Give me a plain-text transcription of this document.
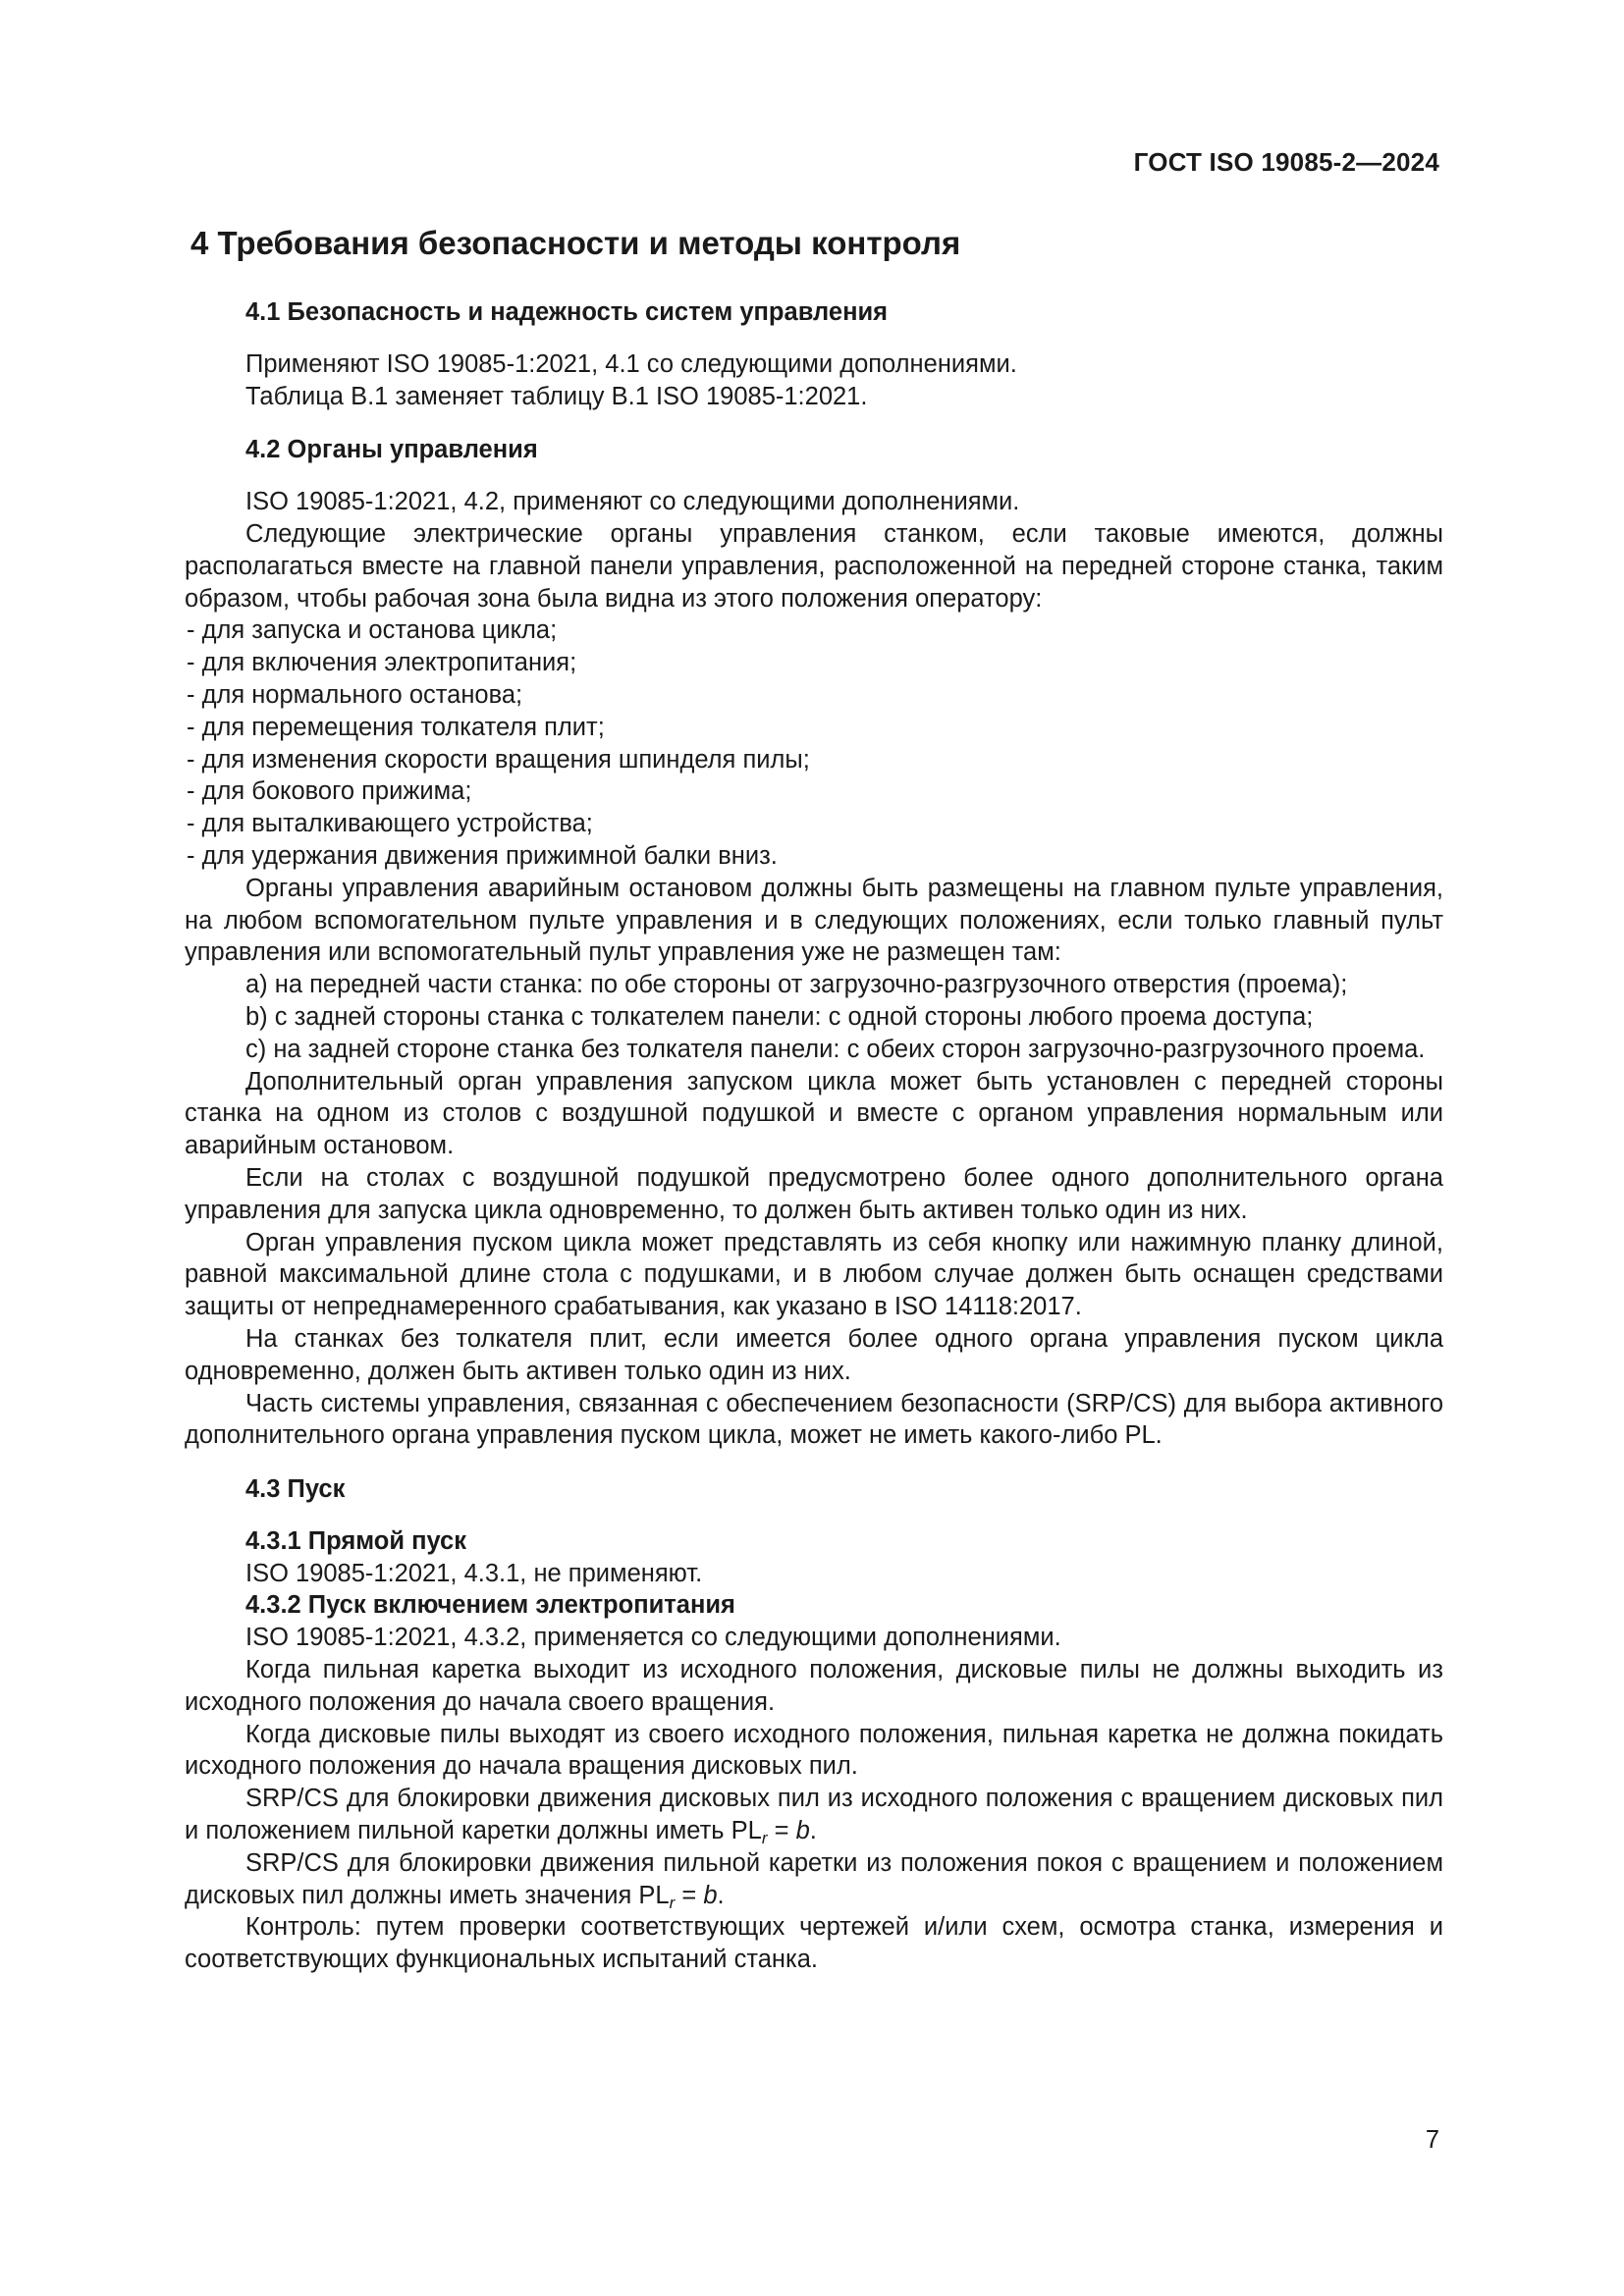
ГОСТ ISO 19085-2—2024

4 Требования безопасности и методы контроля

4.1 Безопасность и надежность систем управления

Применяют ISO 19085-1:2021, 4.1 со следующими дополнениями.

Таблица В.1 заменяет таблицу В.1 ISO 19085-1:2021.

4.2 Органы управления

ISO 19085-1:2021, 4.2, применяют со следующими дополнениями.

Следующие электрические органы управления станком, если таковые имеются, должны располагаться вместе на главной панели управления, расположенной на передней стороне станка, таким образом, чтобы рабочая зона была видна из этого положения оператору:

- для запуска и останова цикла;

- для включения электропитания;

- для нормального останова;

- для перемещения толкателя плит;

- для изменения скорости вращения шпинделя пилы;

- для бокового прижима;

- для выталкивающего устройства;

- для удержания движения прижимной балки вниз.

Органы управления аварийным остановом должны быть размещены на главном пульте управления, на любом вспомогательном пульте управления и в следующих положениях, если только главный пульт управления или вспомогательный пульт управления уже не размещен там:

а) на передней части станка: по обе стороны от загрузочно-разгрузочного отверстия (проема);

b) с задней стороны станка с толкателем панели: с одной стороны любого проема доступа;

с) на задней стороне станка без толкателя панели: с обеих сторон загрузочно-разгрузочного проема.

Дополнительный орган управления запуском цикла может быть установлен с передней стороны станка на одном из столов с воздушной подушкой и вместе с органом управления нормальным или аварийным остановом.

Если на столах с воздушной подушкой предусмотрено более одного дополнительного органа управления для запуска цикла одновременно, то должен быть активен только один из них.

Орган управления пуском цикла может представлять из себя кнопку или нажимную планку длиной, равной максимальной длине стола с подушками, и в любом случае должен быть оснащен средствами защиты от непреднамеренного срабатывания, как указано в ISO 14118:2017.

На станках без толкателя плит, если имеется более одного органа управления пуском цикла одновременно, должен быть активен только один из них.

Часть системы управления, связанная с обеспечением безопасности (SRP/CS) для выбора активного дополнительного органа управления пуском цикла, может не иметь какого-либо PL.

4.3 Пуск

4.3.1 Прямой пуск

ISO 19085-1:2021, 4.3.1, не применяют.

4.3.2 Пуск включением электропитания

ISO 19085-1:2021, 4.3.2, применяется со следующими дополнениями.

Когда пильная каретка выходит из исходного положения, дисковые пилы не должны выходить из исходного положения до начала своего вращения.

Когда дисковые пилы выходят из своего исходного положения, пильная каретка не должна покидать исходного положения до начала вращения дисковых пил.

SRP/CS для блокировки движения дисковых пил из исходного положения с вращением дисковых пил и положением пильной каретки должны иметь $PL_r = b$.

SRP/CS для блокировки движения пильной каретки из положения покоя с вращением и положением дисковых пил должны иметь значения $PL_r = b$.

Контроль: путем проверки соответствующих чертежей и/или схем, осмотра станка, измерения и соответствующих функциональных испытаний станка.

7
